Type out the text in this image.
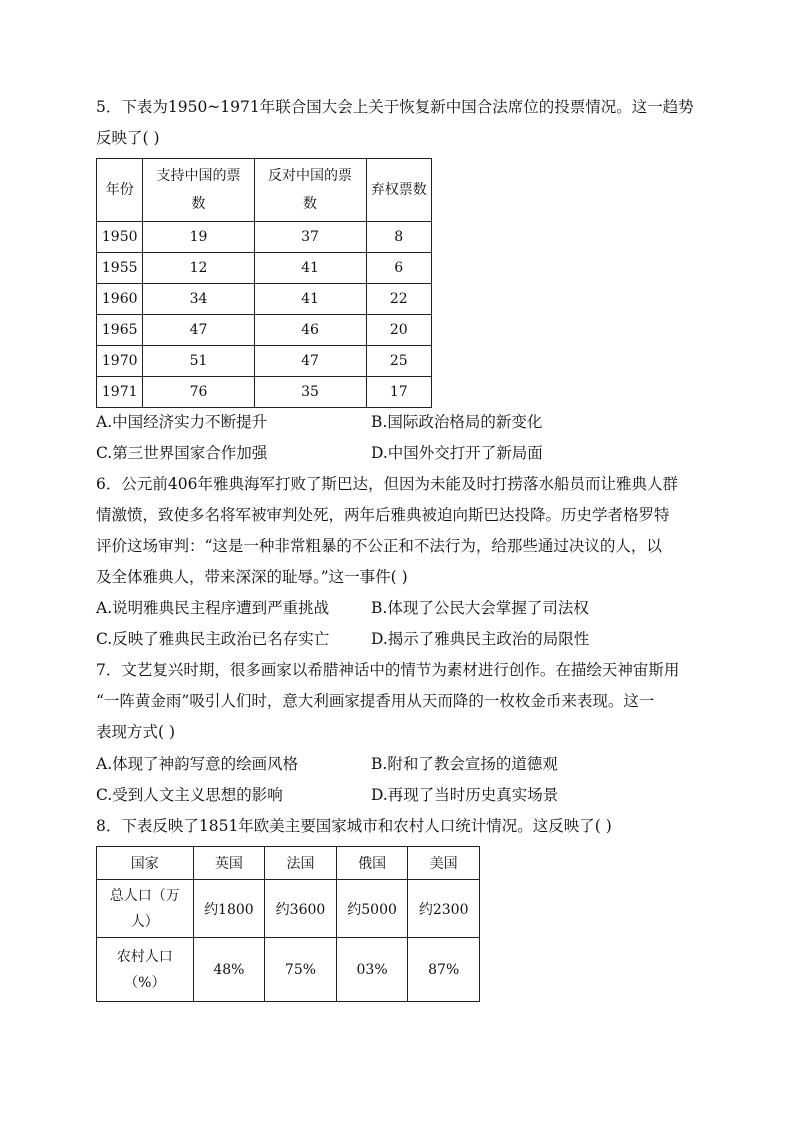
5．下表为1950~1971年联合国大会上关于恢复新中国合法席位的投票情况。这一趋势
反映了( )
年份	支持中国的票数	反对中国的票数	弃权票数
1950	19	37	8
1955	12	41	6
1960	34	41	22
1965	47	46	20
1970	51	47	25
1971	76	35	17
A.中国经济实力不断提升	B.国际政治格局的新变化
C.第三世界国家合作加强	D.中国外交打开了新局面
6．公元前406年雅典海军打败了斯巴达，但因为未能及时打捞落水船员而让雅典人群
情激愤，致使多名将军被审判处死，两年后雅典被迫向斯巴达投降。历史学者格罗特
评价这场审判：“这是一种非常粗暴的不公正和不法行为，给那些通过决议的人，以
及全体雅典人，带来深深的耻辱。”这一事件( )
A.说明雅典民主程序遭到严重挑战	B.体现了公民大会掌握了司法权
C.反映了雅典民主政治已名存实亡	D.揭示了雅典民主政治的局限性
7．文艺复兴时期，很多画家以希腊神话中的情节为素材进行创作。在描绘天神宙斯用
“一阵黄金雨”吸引人们时，意大利画家提香用从天而降的一枚枚金币来表现。这一
表现方式( )
A.体现了神韵写意的绘画风格	B.附和了教会宣扬的道德观
C.受到人文主义思想的影响	D.再现了当时历史真实场景
8．下表反映了1851年欧美主要国家城市和农村人口统计情况。这反映了( )
国家	英国	法国	俄国	美国
总人口（万人）	约1800	约3600	约5000	约2300
农村人口（%）	48%	75%	03%	87%
